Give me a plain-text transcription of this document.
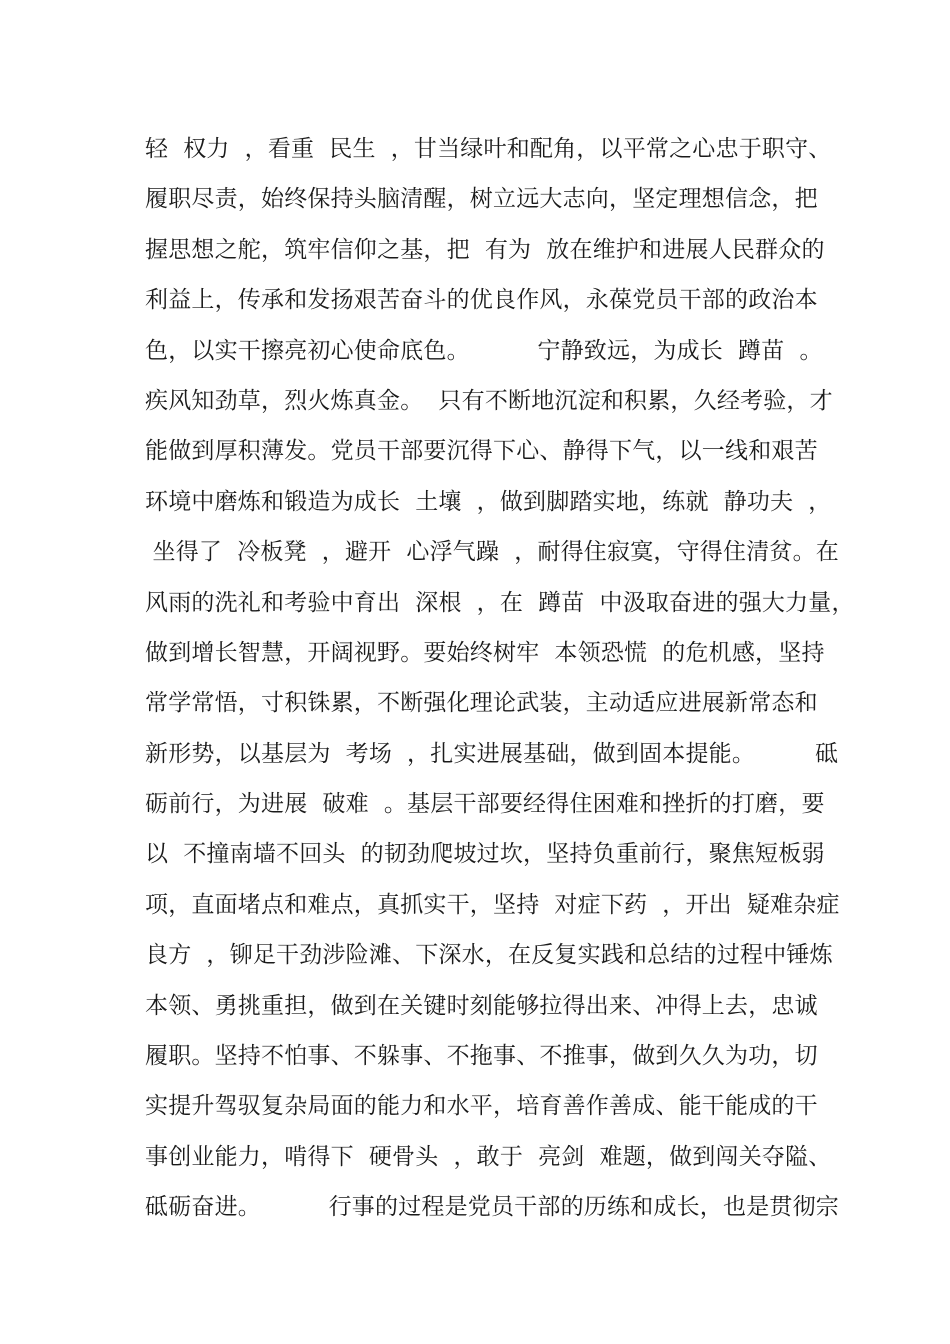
轻  权力  ，看重  民生  ，甘当绿叶和配角，以平常之心忠于职守、
履职尽责，始终保持头脑清醒，树立远大志向，坚定理想信念，把
握思想之舵，筑牢信仰之基，把  有为  放在维护和进展人民群众的
利益上，传承和发扬艰苦奋斗的优良作风，永葆党员干部的政治本
色，以实干擦亮初心使命底色。         宁静致远，为成长  蹲苗  。
疾风知劲草，烈火炼真金。  只有不断地沉淀和积累，久经考验，才
能做到厚积薄发。党员干部要沉得下心、静得下气，以一线和艰苦
环境中磨炼和锻造为成长  土壤  ，做到脚踏实地，练就  静功夫  ，
坐得了  冷板凳  ，避开  心浮气躁  ，耐得住寂寞，守得住清贫。在
风雨的洗礼和考验中育出  深根  ，在  蹲苗  中汲取奋进的强大力量，
做到增长智慧，开阔视野。要始终树牢  本领恐慌  的危机感，坚持
常学常悟，寸积铢累，不断强化理论武装，主动适应进展新常态和
新形势，以基层为  考场  ，扎实进展基础，做到固本提能。        砥
砺前行，为进展  破难  。基层干部要经得住困难和挫折的打磨，要
以  不撞南墙不回头  的韧劲爬坡过坎，坚持负重前行，聚焦短板弱
项，直面堵点和难点，真抓实干，坚持  对症下药  ，开出  疑难杂症
良方  ，铆足干劲涉险滩、下深水，在反复实践和总结的过程中锤炼
本领、勇挑重担，做到在关键时刻能够拉得出来、冲得上去，忠诚
履职。坚持不怕事、不躲事、不拖事、不推事，做到久久为功，切
实提升驾驭复杂局面的能力和水平，培育善作善成、能干能成的干
事创业能力，啃得下  硬骨头  ，敢于  亮剑  难题，做到闯关夺隘、
砥砺奋进。         行事的过程是党员干部的历练和成长，也是贯彻宗
